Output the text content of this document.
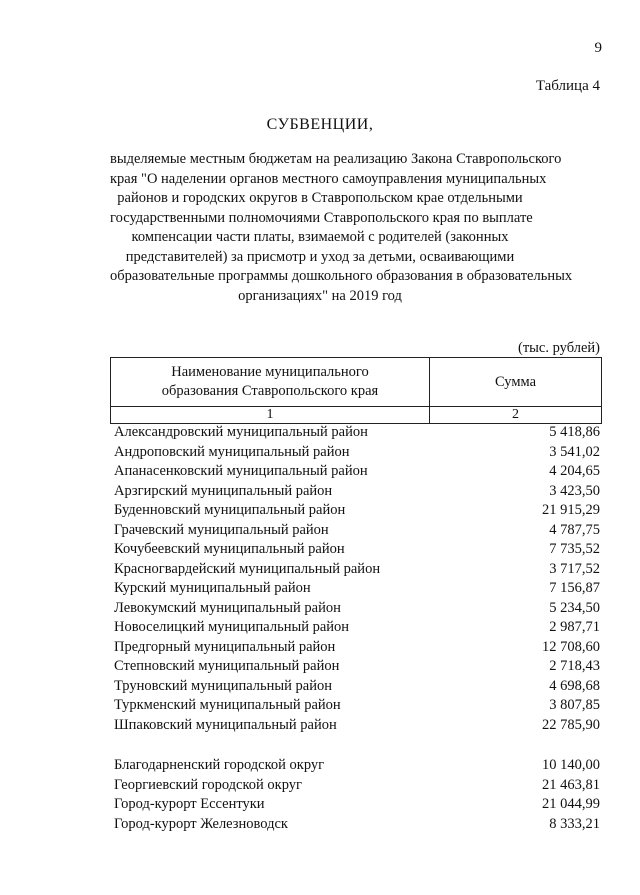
9
Таблица 4
СУБВЕНЦИИ,
выделяемые местным бюджетам на реализацию Закона Ставропольского
края "О наделении органов местного самоуправления муниципальных
районов и городских округов в Ставропольском крае отдельными
государственными полномочиями Ставропольского края по выплате
компенсации части платы, взимаемой с родителей (законных
представителей) за присмотр и уход за детьми, осваивающими
образовательные программы дошкольного образования в образовательных
организациях" на 2019 год
(тыс. рублей)
Наименование муниципального
образования Ставропольского края	Сумма
1	2
Александровский муниципальный район	5 418,86
Андроповский муниципальный район	3 541,02
Апанасенковский муниципальный район	4 204,65
Арзгирский муниципальный район	3 423,50
Буденновский муниципальный район	21 915,29
Грачевский муниципальный район	4 787,75
Кочубеевский муниципальный район	7 735,52
Красногвардейский муниципальный район	3 717,52
Курский муниципальный район	7 156,87
Левокумский муниципальный район	5 234,50
Новоселицкий муниципальный район	2 987,71
Предгорный муниципальный район	12 708,60
Степновский муниципальный район	2 718,43
Труновский муниципальный район	4 698,68
Туркменский муниципальный район	3 807,85
Шпаковский муниципальный район	22 785,90
Благодарненский городской округ	10 140,00
Георгиевский городской округ	21 463,81
Город-курорт Ессентуки	21 044,99
Город-курорт Железноводск	8 333,21
